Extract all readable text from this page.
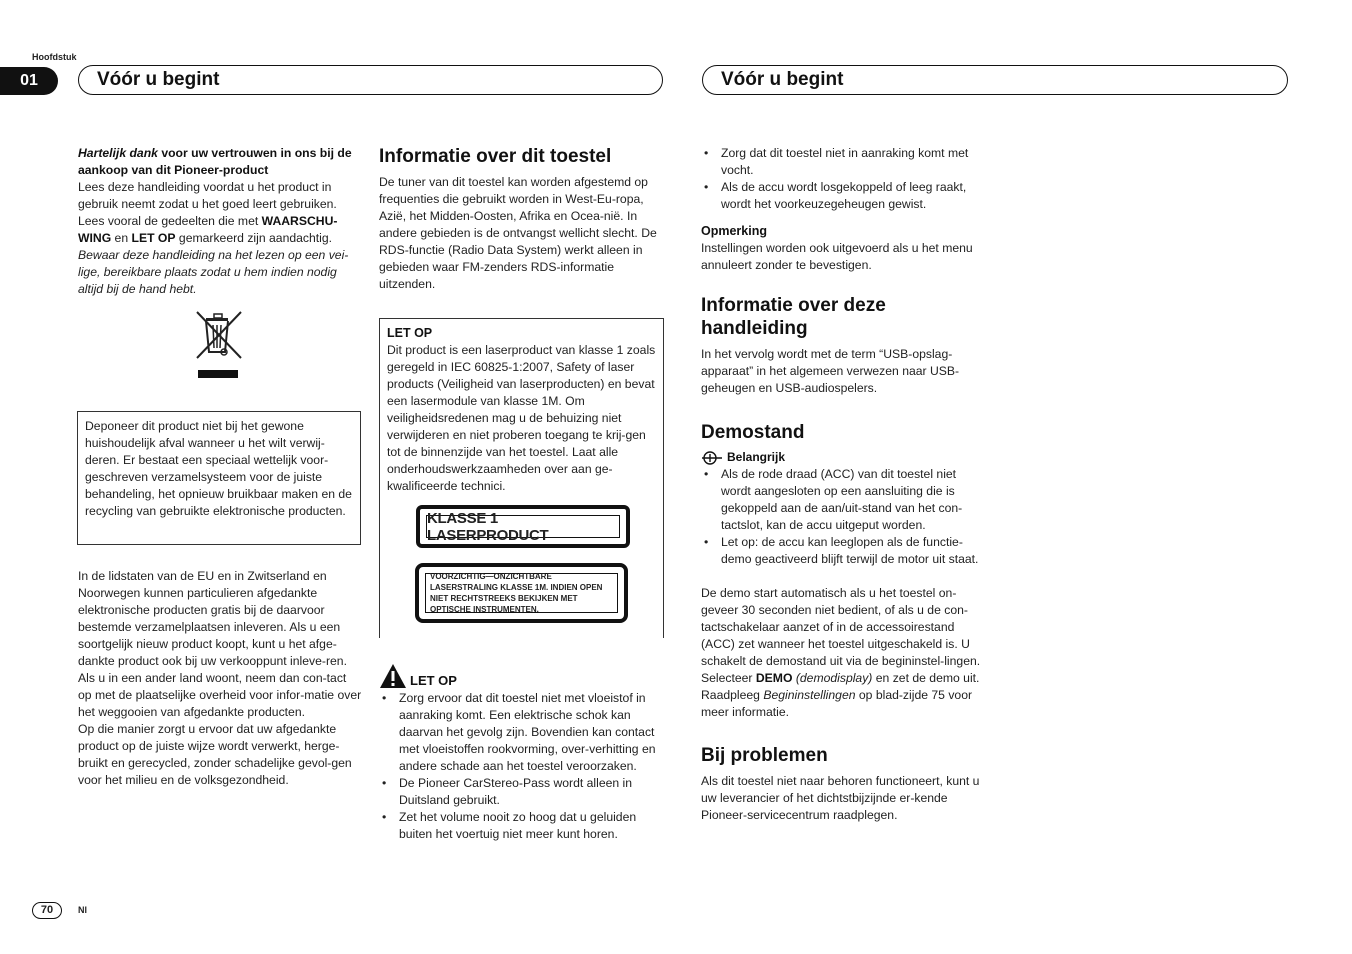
Hoofdstuk
01	Vóór u begint	Vóór u begint

Hartelijk dank voor uw vertrouwen in ons bij de aankoop van dit Pioneer-product

Lees deze handleiding voordat u het product in gebruik neemt zodat u het goed leert gebruiken. Lees vooral de gedeelten die met WAARSCHU-WING en LET OP gemarkeerd zijn aandachtig.

Bewaar deze handleiding na het lezen op een vei-lige, bereikbare plaats zodat u hem indien nodig altijd bij de hand hebt.

Deponeer dit product niet bij het gewone huishoudelijk afval wanneer u het wilt verwij-deren. Er bestaat een speciaal wettelijk voor-geschreven verzamelsysteem voor de juiste behandeling, het opnieuw bruikbaar maken en de recycling van gebruikte elektronische producten.

In de lidstaten van de EU en in Zwitserland en Noorwegen kunnen particulieren afgedankte elektronische producten gratis bij de daarvoor bestemde verzamelplaatsen inleveren. Als u een soortgelijk nieuw product koopt, kunt u het afge-dankte product ook bij uw verkooppunt inleve-ren.

Als u in een ander land woont, neem dan con-tact op met de plaatselijke overheid voor infor-matie over het weggooien van afgedankte producten.

Op die manier zorgt u ervoor dat uw afgedankte product op de juiste wijze wordt verwerkt, herge-bruikt en gerecycled, zonder schadelijke gevol-gen voor het milieu en de volksgezondheid.

Informatie over dit toestel

De tuner van dit toestel kan worden afgestemd op frequenties die gebruikt worden in West-Eu-ropa, Azië, het Midden-Oosten, Afrika en Ocea-nië. In andere gebieden is de ontvangst wellicht slecht. De RDS-functie (Radio Data System) werkt alleen in gebieden waar FM-zenders RDS-informatie uitzenden.

LET OP

Dit product is een laserproduct van klasse 1 zoals geregeld in IEC 60825-1:2007, Safety of laser products (Veiligheid van laserproducten) en bevat een lasermodule van klasse 1M. Om veiligheidsredenen mag u de behuizing niet verwijderen en niet proberen toegang te krij-gen tot de binnenzijde van het toestel. Laat alle onderhoudswerkzaamheden over aan ge-kwalificeerde technici.

KLASSE 1 LASERPRODUCT
VOORZICHTIG—ONZICHTBARE LASERSTRALING KLASSE 1M. INDIEN OPEN NIET RECHTSTREEKS BEKIJKEN MET OPTISCHE INSTRUMENTEN.
LET OP
• Zorg ervoor dat dit toestel niet met vloeistof in aanraking komt. Een elektrische schok kan daarvan het gevolg zijn. Bovendien kan contact met vloeistoffen rookvorming, over-verhitting en andere schade aan het toestel veroorzaken.
• De Pioneer CarStereo-Pass wordt alleen in Duitsland gebruikt.
• Zet het volume nooit zo hoog dat u geluiden buiten het voertuig niet meer kunt horen.
• Zorg dat dit toestel niet in aanraking komt met vocht.
• Als de accu wordt losgekoppeld of leeg raakt, wordt het voorkeuzegeheugen gewist.
Opmerking

Instellingen worden ook uitgevoerd als u het menu annuleert zonder te bevestigen.

Informatie over deze handleiding

In het vervolg wordt met de term “USB-opslag-apparaat” in het algemeen verwezen naar USB-geheugen en USB-audiospelers.

Demostand
Belangrijk
• Als de rode draad (ACC) van dit toestel niet wordt aangesloten op een aansluiting die is gekoppeld aan de aan/uit-stand van het con-tactslot, kan de accu uitgeput worden.
• Let op: de accu kan leeglopen als de functie-demo geactiveerd blijft terwijl de motor uit staat.

De demo start automatisch als u het toestel on-geveer 30 seconden niet bedient, of als u de con-tactschakelaar aanzet of in de accessoirestand (ACC) zet wanneer het toestel uitgeschakeld is. U schakelt de demostand uit via de begininstel-lingen. Selecteer DEMO (demodisplay) en zet de demo uit. Raadpleeg Begininstellingen op blad-zijde 75 voor meer informatie.

Bij problemen

Als dit toestel niet naar behoren functioneert, kunt u uw leverancier of het dichtstbijzijnde er-kende Pioneer-servicecentrum raadplegen.

70	Nl
